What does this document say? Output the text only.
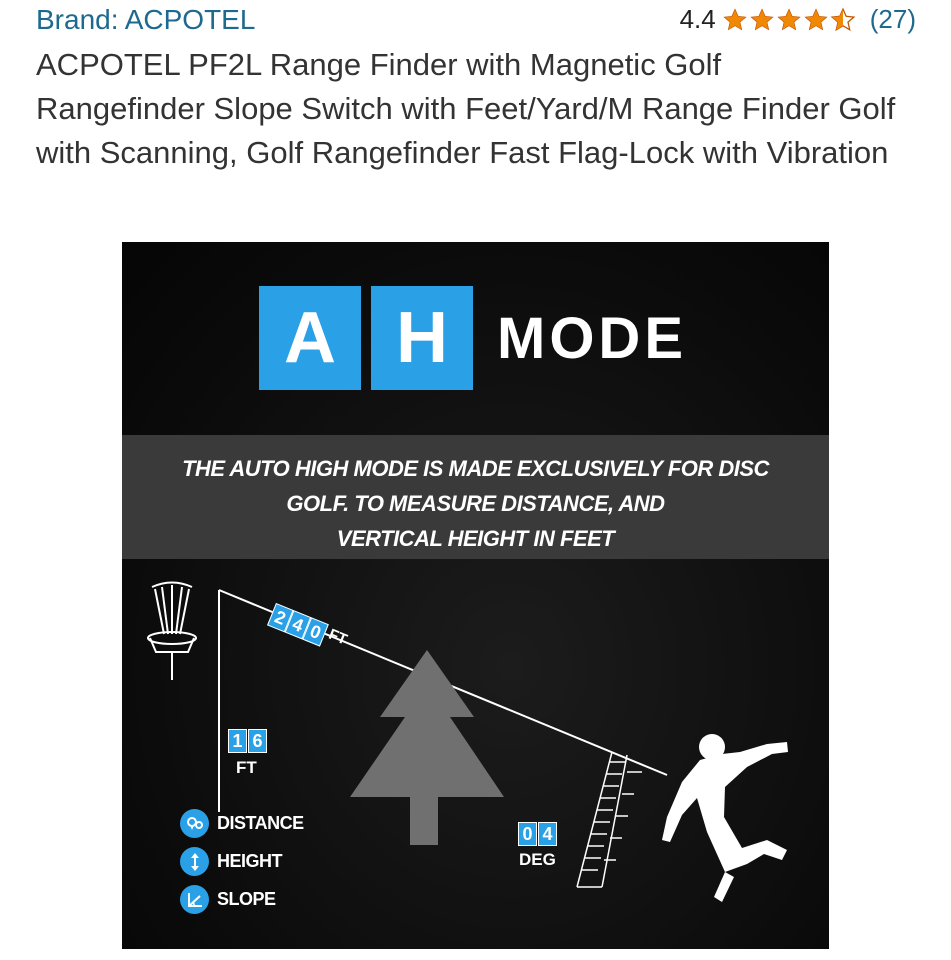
Brand: ACPOTEL	4.4	(27)
ACPOTEL PF2L Range Finder with Magnetic Golf Rangefinder Slope Switch with Feet/Yard/M Range Finder Golf with Scanning, Golf Rangefinder Fast Flag-Lock with Vibration
A H MODE
THE AUTO HIGH MODE IS MADE EXCLUSIVELY FOR DISC
GOLF. TO MEASURE DISTANCE, AND
VERTICAL HEIGHT IN FEET
2 4 0 FT
1 6
FT
0 4
DEG
DISTANCE
HEIGHT
SLOPE
